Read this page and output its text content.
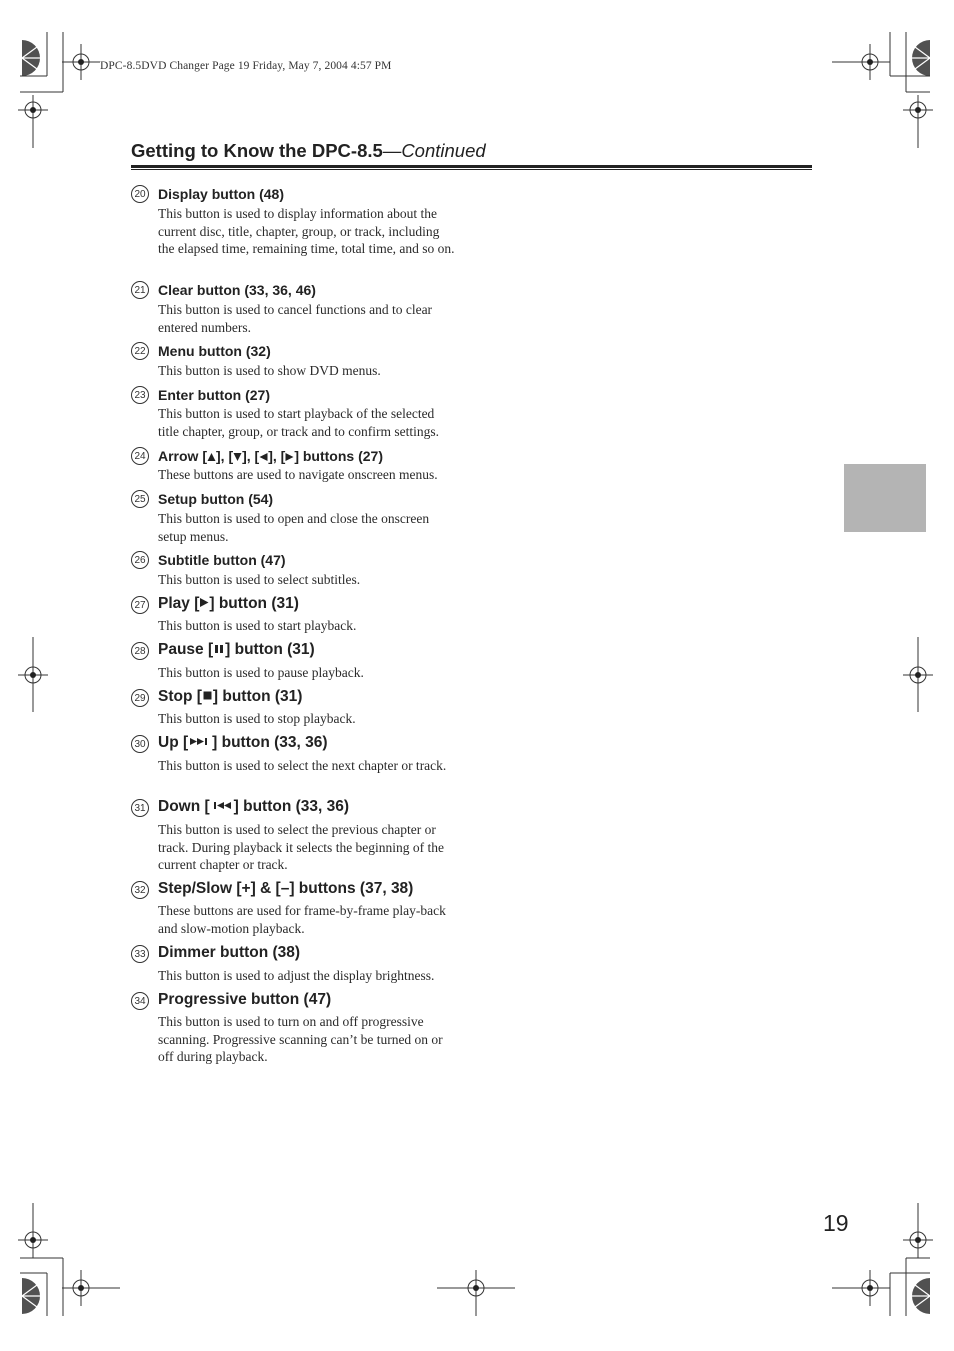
DPC-8.5DVD Changer Page 19 Friday, May 7, 2004 4:57 PM
Getting to Know the DPC-8.5—Continued
20 Display button (48)
This button is used to display information about the current disc, title, chapter, group, or track, including the elapsed time, remaining time, total time, and so on.
21 Clear button (33, 36, 46)
This button is used to cancel functions and to clear entered numbers.
22 Menu button (32)
This button is used to show DVD menus.
23 Enter button (27)
This button is used to start playback of the selected title chapter, group, or track and to confirm settings.
24 Arrow [ ], [ ], [ ], [ ] buttons (27)
These buttons are used to navigate onscreen menus.
25 Setup button (54)
This button is used to open and close the onscreen setup menus.
26 Subtitle button (47)
This button is used to select subtitles.
27 Play [ ] button (31)
This button is used to start playback.
28 Pause [ ] button (31)
This button is used to pause playback.
29 Stop [ ] button (31)
This button is used to stop playback.
30 Up [ ] button (33, 36)
This button is used to select the next chapter or track.
31 Down [ ] button (33, 36)
This button is used to select the previous chapter or track. During playback it selects the beginning of the current chapter or track.
32 Step/Slow [+] & [–] buttons (37, 38)
These buttons are used for frame-by-frame play-back and slow-motion playback.
33 Dimmer button (38)
This button is used to adjust the display brightness.
34 Progressive button (47)
This button is used to turn on and off progressive scanning. Progressive scanning can’t be turned on or off during playback.
19
